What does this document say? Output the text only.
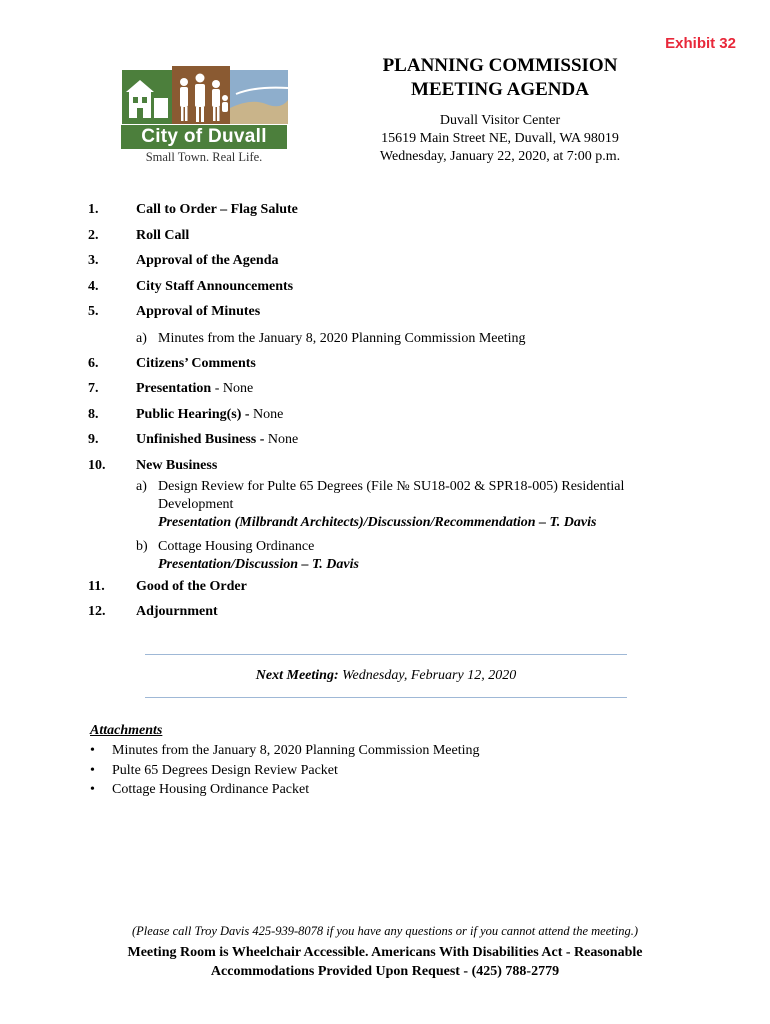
Exhibit 32
City of Duvall
Small Town. Real Life.
PLANNING COMMISSION
MEETING AGENDA
Duvall Visitor Center
15619 Main Street NE, Duvall, WA 98019
Wednesday, January 22, 2020, at 7:00 p.m.
1.	Call to Order – Flag Salute
2.	Roll Call
3.	Approval of the Agenda
4.	City Staff Announcements
5.	Approval of Minutes
a) Minutes from the January 8, 2020 Planning Commission Meeting
6.	Citizens’ Comments
7.	Presentation - None
8.	Public Hearing(s) - None
9.	Unfinished Business - None
10. New Business
a) Design Review for Pulte 65 Degrees (File № SU18-002 & SPR18-005) Residential
Development
Presentation (Milbrandt Architects)/Discussion/Recommendation – T. Davis
b) Cottage Housing Ordinance
Presentation/Discussion – T. Davis
11. Good of the Order
12. Adjournment
Next Meeting: Wednesday, February 12, 2020
Attachments
• Minutes from the January 8, 2020 Planning Commission Meeting
• Pulte 65 Degrees Design Review Packet
• Cottage Housing Ordinance Packet
(Please call Troy Davis 425-939-8078 if you have any questions or if you cannot attend the meeting.)
Meeting Room is Wheelchair Accessible. Americans With Disabilities Act - Reasonable
Accommodations Provided Upon Request - (425) 788-2779
